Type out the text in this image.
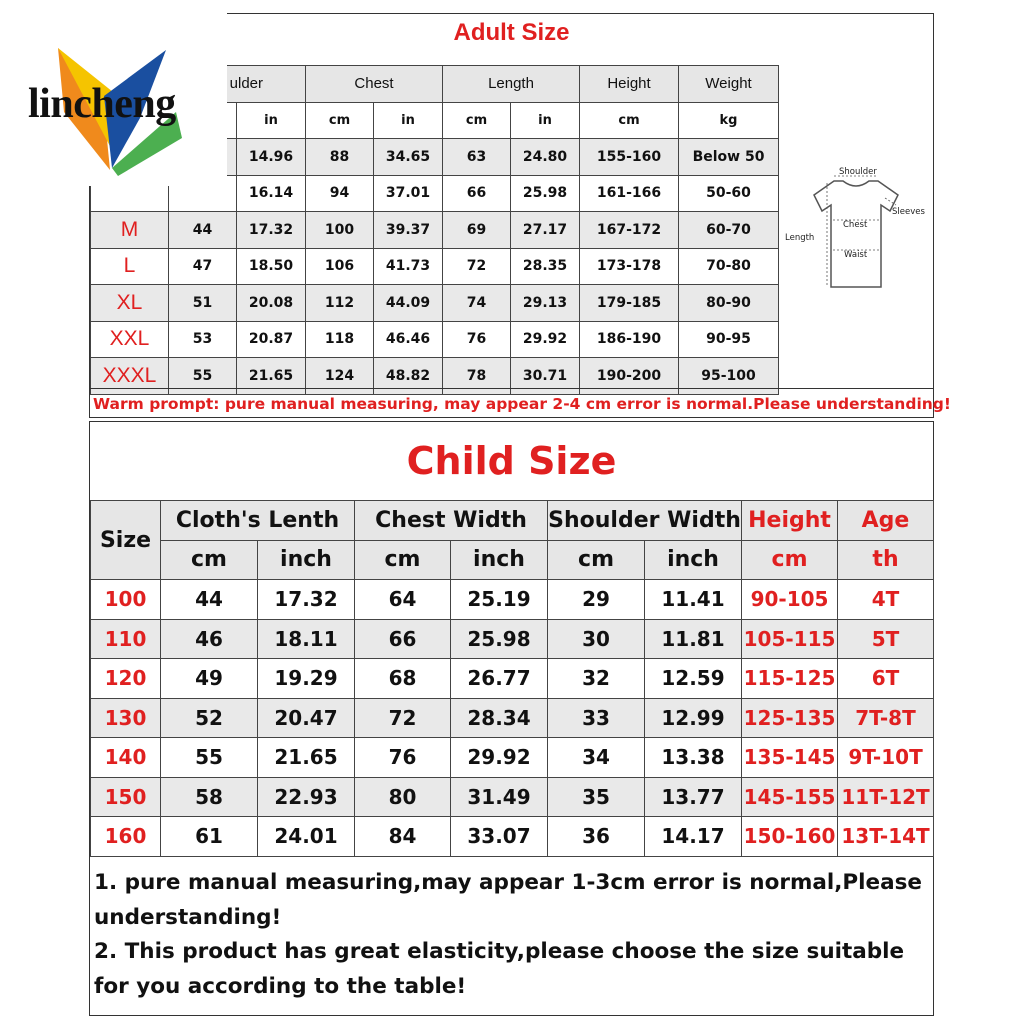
Adult Size
ulder			Chest		Length		Height	Weight
		in	cm	in	cm	in	cm	kg
		14.96	88	34.65	63	24.80	155-160	Below 50
		16.14	94	37.01	66	25.98	161-166	50-60
M	44	17.32	100	39.37	69	27.17	167-172	60-70
L	47	18.50	106	41.73	72	28.35	173-178	70-80
XL	51	20.08	112	44.09	74	29.13	179-185	80-90
XXL	53	20.87	118	46.46	76	29.92	186-190	90-95
XXXL	55	21.65	124	48.82	78	30.71	190-200	95-100
Shoulder
Sleeves
Chest
Length
Waist
Warm prompt: pure manual measuring, may appear 2-4 cm error is normal.Please understanding!
lincheng
Child Size
Size	Cloth's Lenth		Chest Width		Shoulder Width		Height	Age
	cm	inch	cm	inch	cm	inch	cm	th
100	44	17.32	64	25.19	29	11.41	90-105	4T
110	46	18.11	66	25.98	30	11.81	105-115	5T
120	49	19.29	68	26.77	32	12.59	115-125	6T
130	52	20.47	72	28.34	33	12.99	125-135	7T-8T
140	55	21.65	76	29.92	34	13.38	135-145	9T-10T
150	58	22.93	80	31.49	35	13.77	145-155	11T-12T
160	61	24.01	84	33.07	36	14.17	150-160	13T-14T
1. pure manual measuring,may appear 1-3cm error is normal,Please understanding!
2. This product has great elasticity,please choose the size suitable for you according to the table!
